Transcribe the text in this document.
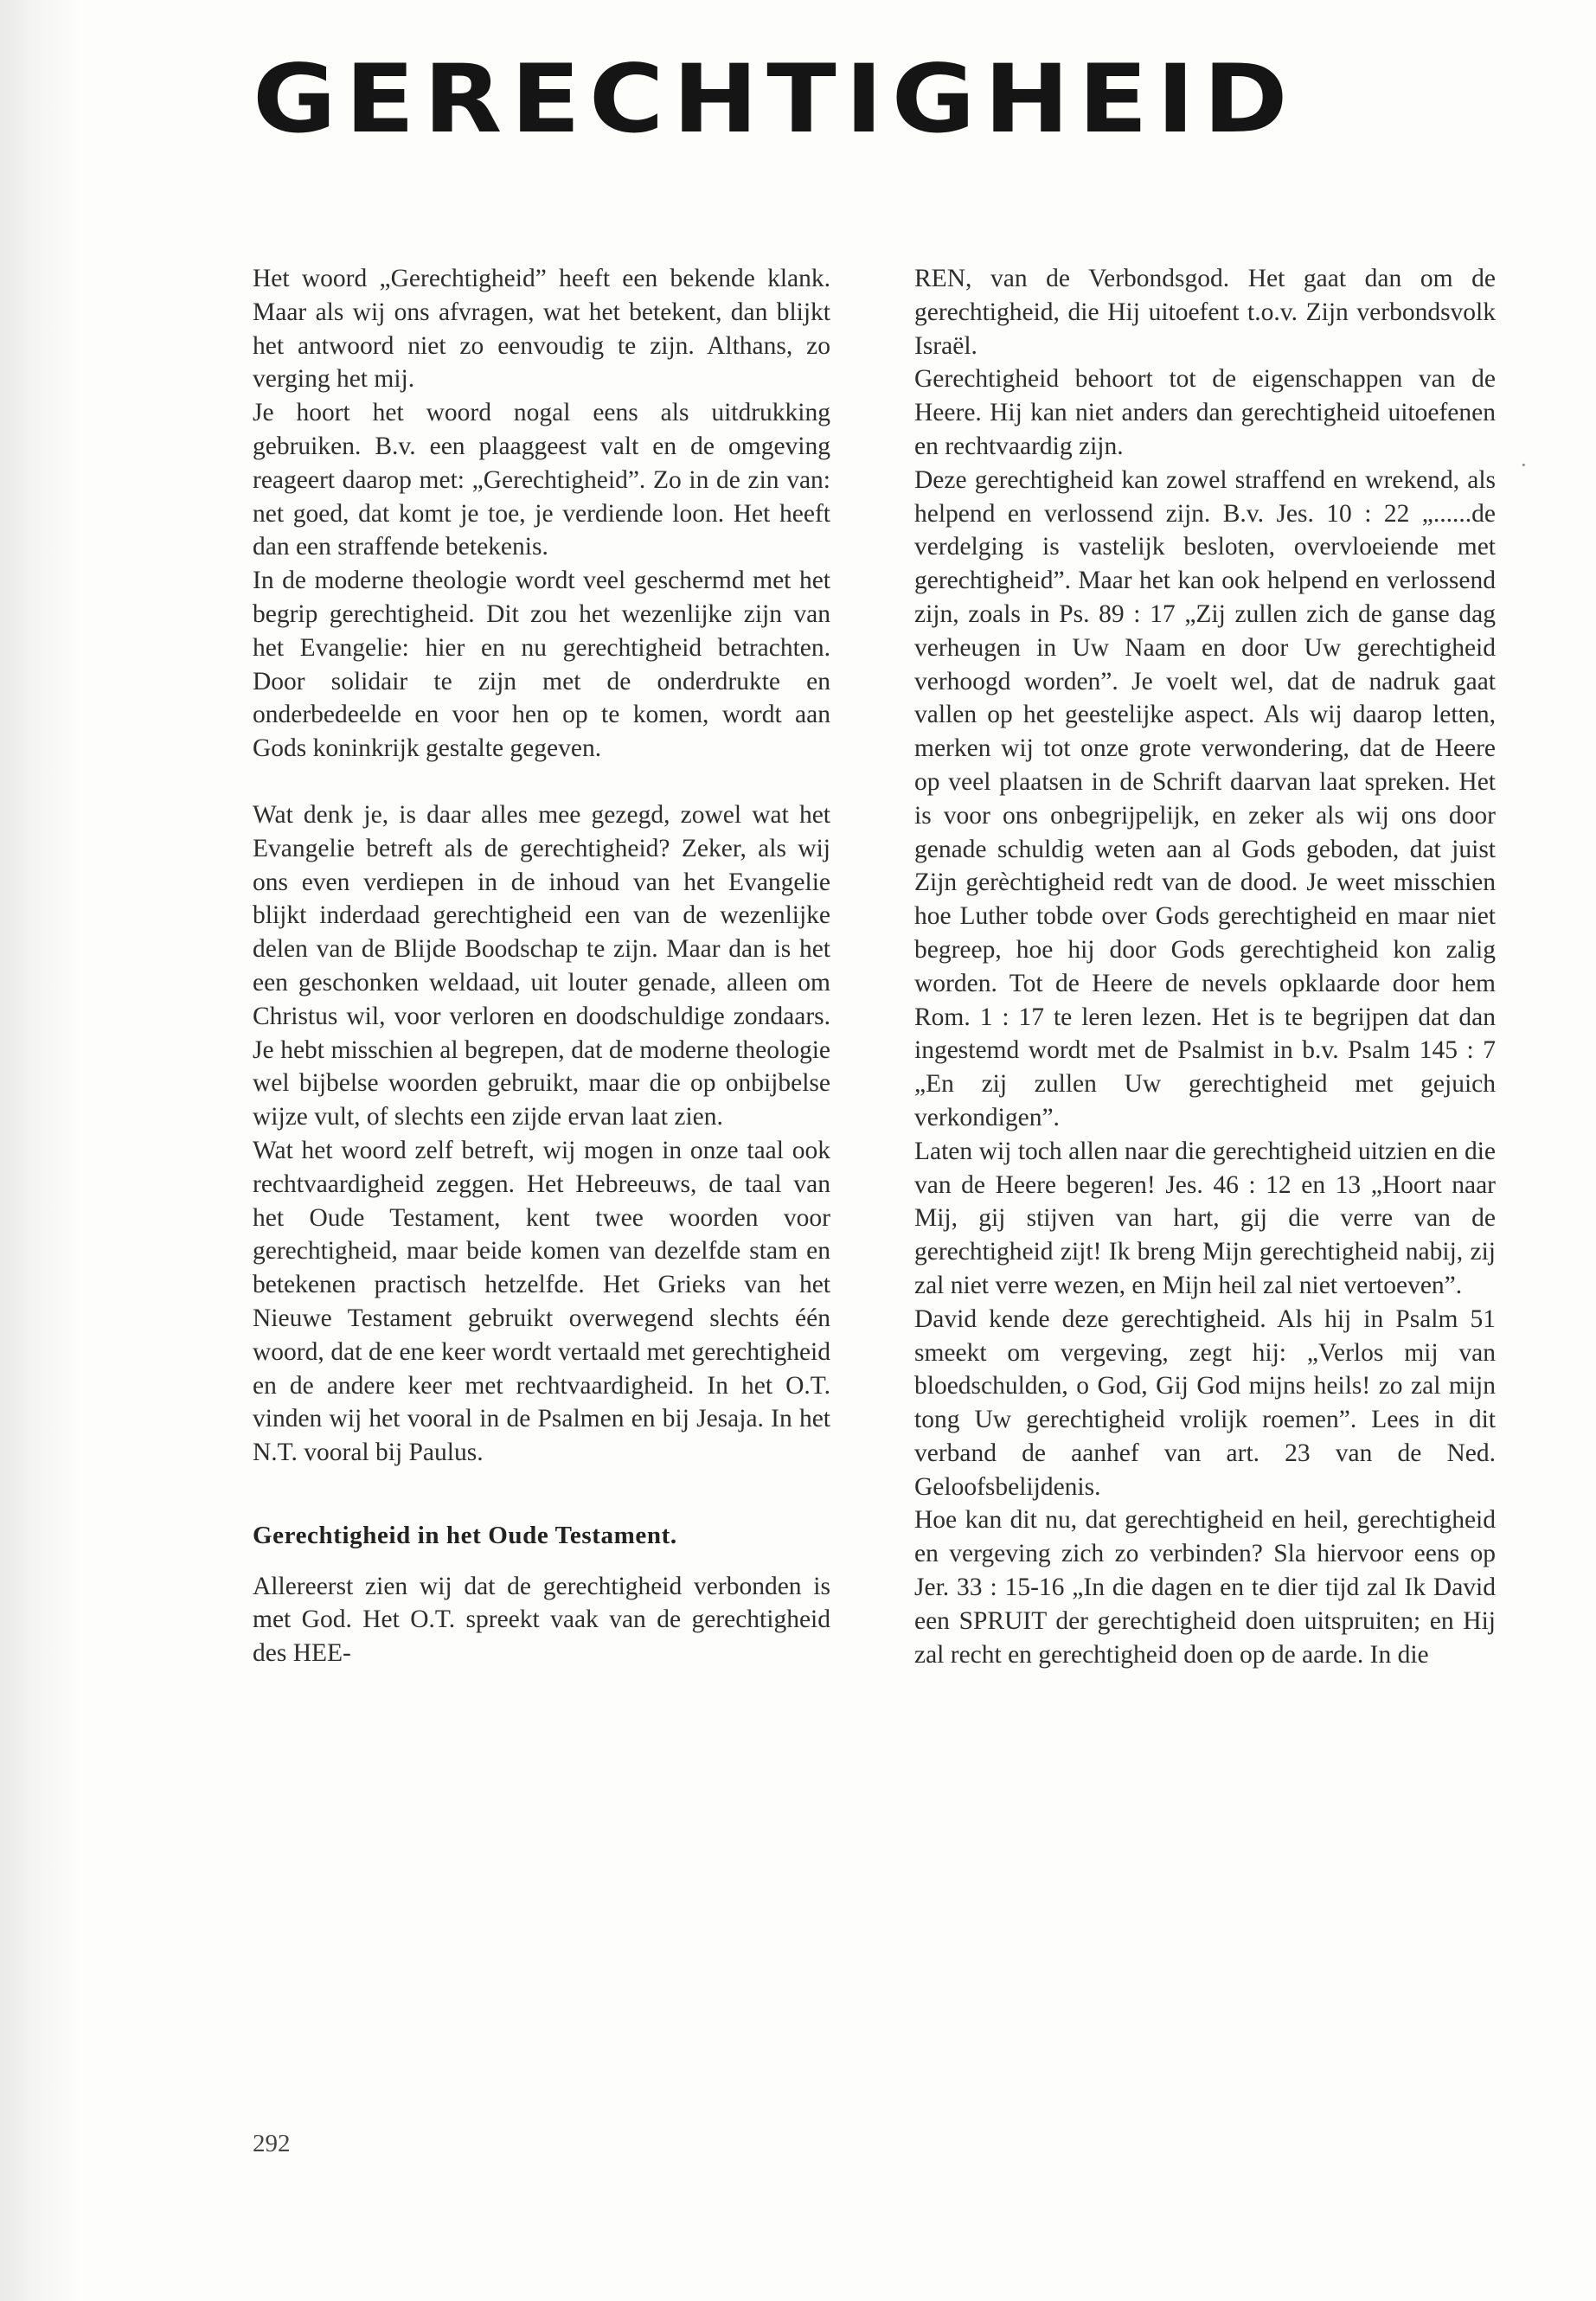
GERECHTIGHEID

Het woord „Gerechtigheid” heeft een bekende klank. Maar als wij ons afvragen, wat het betekent, dan blijkt het antwoord niet zo eenvoudig te zijn. Althans, zo verging het mij.

Je hoort het woord nogal eens als uitdrukking gebruiken. B.v. een plaaggeest valt en de omgeving reageert daarop met: „Gerechtigheid”. Zo in de zin van: net goed, dat komt je toe, je verdiende loon. Het heeft dan een straffende betekenis.

In de moderne theologie wordt veel geschermd met het begrip gerechtigheid. Dit zou het wezenlijke zijn van het Evangelie: hier en nu gerechtigheid betrachten. Door solidair te zijn met de onderdrukte en onderbedeelde en voor hen op te komen, wordt aan Gods koninkrijk gestalte gegeven.

Wat denk je, is daar alles mee gezegd, zowel wat het Evangelie betreft als de gerechtigheid? Zeker, als wij ons even verdiepen in de inhoud van het Evangelie blijkt inderdaad gerechtigheid een van de wezenlijke delen van de Blijde Boodschap te zijn. Maar dan is het een geschonken weldaad, uit louter genade, alleen om Christus wil, voor verloren en doodschuldige zondaars. Je hebt misschien al begrepen, dat de moderne theologie wel bijbelse woorden gebruikt, maar die op onbijbelse wijze vult, of slechts een zijde ervan laat zien.

Wat het woord zelf betreft, wij mogen in onze taal ook rechtvaardigheid zeggen. Het Hebreeuws, de taal van het Oude Testament, kent twee woorden voor gerechtigheid, maar beide komen van dezelfde stam en betekenen practisch hetzelfde. Het Grieks van het Nieuwe Testament gebruikt overwegend slechts één woord, dat de ene keer wordt vertaald met gerechtigheid en de andere keer met rechtvaardigheid. In het O.T. vinden wij het vooral in de Psalmen en bij Jesaja. In het N.T. vooral bij Paulus.

Gerechtigheid in het Oude Testament.

Allereerst zien wij dat de gerechtigheid verbonden is met God. Het O.T. spreekt vaak van de gerechtigheid des HEE-

REN, van de Verbondsgod. Het gaat dan om de gerechtigheid, die Hij uitoefent t.o.v. Zijn verbondsvolk Israël.

Gerechtigheid behoort tot de eigenschappen van de Heere. Hij kan niet anders dan gerechtigheid uitoefenen en rechtvaardig zijn.

Deze gerechtigheid kan zowel straffend en wrekend, als helpend en verlossend zijn. B.v. Jes. 10 : 22 „......de verdelging is vastelijk besloten, overvloeiende met gerechtigheid”. Maar het kan ook helpend en verlossend zijn, zoals in Ps. 89 : 17 „Zij zullen zich de ganse dag verheugen in Uw Naam en door Uw gerechtigheid verhoogd worden”. Je voelt wel, dat de nadruk gaat vallen op het geestelijke aspect. Als wij daarop letten, merken wij tot onze grote verwondering, dat de Heere op veel plaatsen in de Schrift daarvan laat spreken. Het is voor ons onbegrijpelijk, en zeker als wij ons door genade schuldig weten aan al Gods geboden, dat juist Zijn gerèchtigheid redt van de dood. Je weet misschien hoe Luther tobde over Gods gerechtigheid en maar niet begreep, hoe hij door Gods gerechtigheid kon zalig worden. Tot de Heere de nevels opklaarde door hem Rom. 1 : 17 te leren lezen. Het is te begrijpen dat dan ingestemd wordt met de Psalmist in b.v. Psalm 145 : 7 „En zij zullen Uw gerechtigheid met gejuich verkondigen”.

Laten wij toch allen naar die gerechtigheid uitzien en die van de Heere begeren! Jes. 46 : 12 en 13 „Hoort naar Mij, gij stijven van hart, gij die verre van de gerechtigheid zijt! Ik breng Mijn gerechtigheid nabij, zij zal niet verre wezen, en Mijn heil zal niet vertoeven”.

David kende deze gerechtigheid. Als hij in Psalm 51 smeekt om vergeving, zegt hij: „Verlos mij van bloedschulden, o God, Gij God mijns heils! zo zal mijn tong Uw gerechtigheid vrolijk roemen”. Lees in dit verband de aanhef van art. 23 van de Ned. Geloofsbelijdenis.

Hoe kan dit nu, dat gerechtigheid en heil, gerechtigheid en vergeving zich zo verbinden? Sla hiervoor eens op Jer. 33 : 15-16 „In die dagen en te dier tijd zal Ik David een SPRUIT der gerechtigheid doen uitspruiten; en Hij zal recht en gerechtigheid doen op de aarde. In die

·
292
